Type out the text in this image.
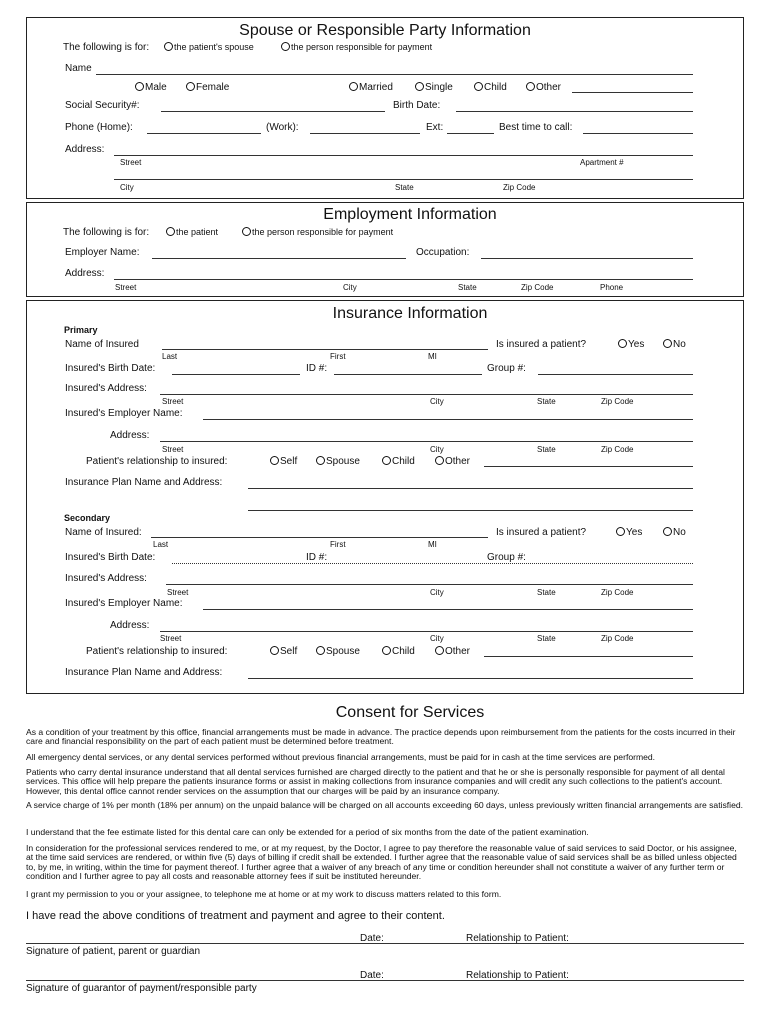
Spouse or Responsible Party Information
The following is for:	the patient's spouse	the person responsible for payment
Name
Male	Female	Married	Single	Child	Other
Social Security#:	Birth Date:
Phone (Home):	(Work):	Ext:	Best time to call:
Address:
Street	Apartment #
City	State	Zip Code
Employment Information
The following is for:	the patient	the person responsible for payment
Employer Name:	Occupation:
Address:
Street	City	State	Zip Code	Phone
Insurance Information
Primary
Name of Insured	Is insured a patient?	Yes	No
Last	First	MI
Insured's Birth Date:	ID #:	Group #:
Insured's Address:
Street	City	State	Zip Code
Insured's Employer Name:
Address:
Street	City	State	Zip Code
Patient's relationship to insured:	Self	Spouse	Child	Other
Insurance Plan Name and Address:
Secondary
Name of Insured:	Is insured a patient?	Yes	No
Last	First	MI
Insured's Birth Date:	ID #:	Group #:
Insured's Address:
Street	City	State	Zip Code
Insured's Employer Name:
Address:
Street	City	State	Zip Code
Patient's relationship to insured:	Self	Spouse	Child	Other
Insurance Plan Name and Address:
Consent for Services
As a condition of your treatment by this office, financial arrangements must be made in advance. The practice depends upon reimbursement from the patients for the costs incurred in their care and financial responsibility on the part of each patient must be determined before treatment.
All emergency dental services, or any dental services performed without previous financial arrangements, must be paid for in cash at the time services are performed.
Patients who carry dental insurance understand that all dental services furnished are charged directly to the patient and that he or she is personally responsible for payment of all dental services. This office will help prepare the patients insurance forms or assist in making collections from insurance companies and will credit any such collections to the patient's account. However, this dental office cannot render services on the assumption that our charges will be paid by an insurance company.
A service charge of 1% per month (18% per annum) on the unpaid balance will be charged on all accounts exceeding 60 days, unless previously written financial arrangements are satisfied.
I understand that the fee estimate listed for this dental care can only be extended for a period of six months from the date of the patient examination.
In consideration for the professional services rendered to me, or at my request, by the Doctor, I agree to pay therefore the reasonable value of said services to said Doctor, or his assignee, at the time said services are rendered, or within five (5) days of billing if credit shall be extended. I further agree that the reasonable value of said services shall be as billed unless objected to, by me, in writing, within the time for payment thereof. I further agree that a waiver of any breach of any time or condition hereunder shall not constitute a waiver of any further term or condition and I further agree to pay all costs and reasonable attorney fees if suit be instituted hereunder.
I grant my permission to you or your assignee, to telephone me at home or at my work to discuss matters related to this form.
I have read the above conditions of treatment and payment and agree to their content.
Date:	Relationship to Patient:
Signature of patient, parent or guardian
Date:	Relationship to Patient:
Signature of guarantor of payment/responsible party
